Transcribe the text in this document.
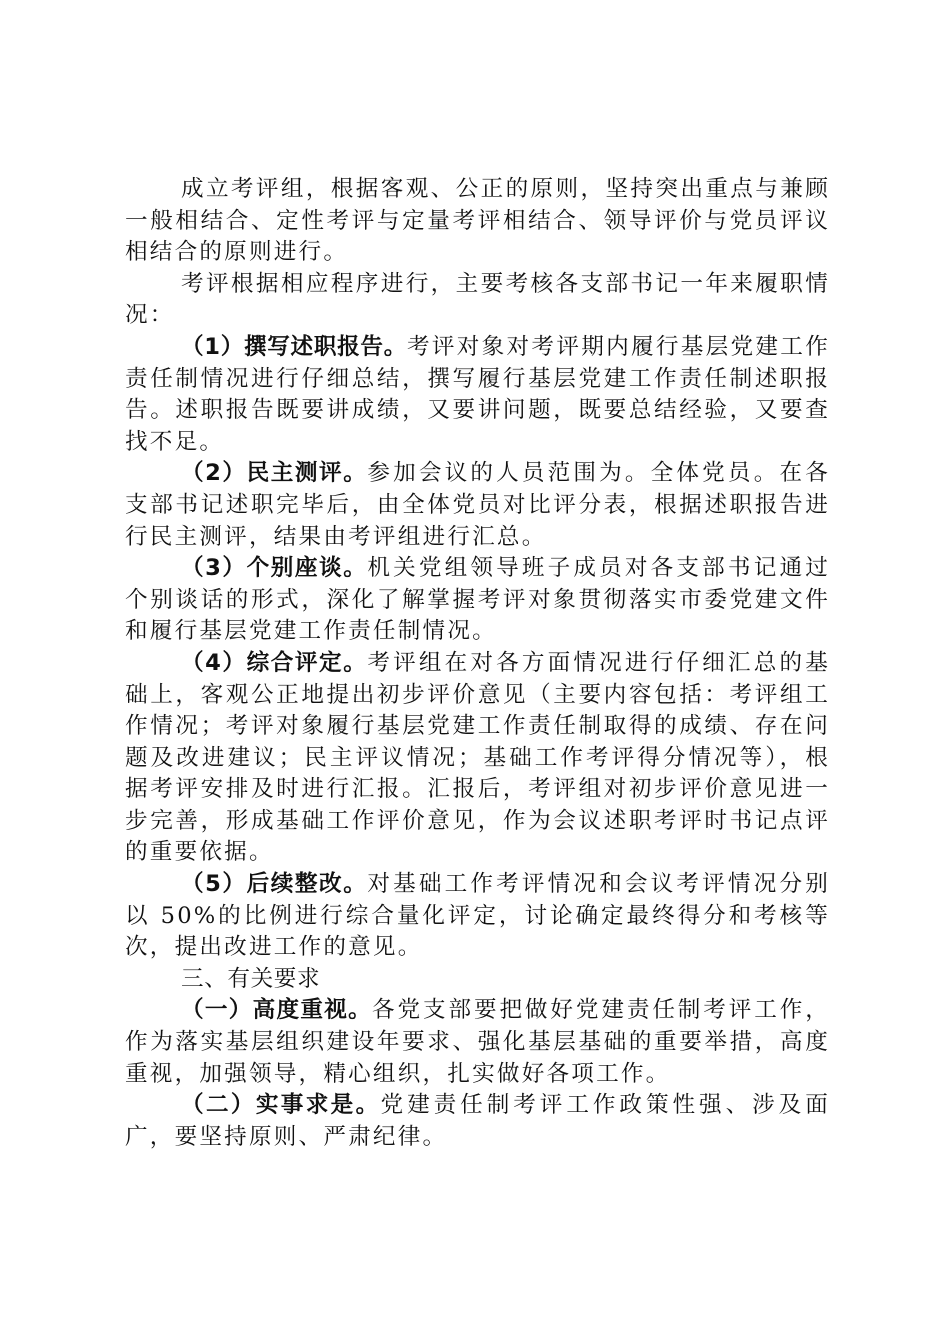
成立考评组，根据客观、公正的原则，坚持突出重点与兼顾一般相结合、定性考评与定量考评相结合、领导评价与党员评议相结合的原则进行。

考评根据相应程序进行，主要考核各支部书记一年来履职情况：

（1）撰写述职报告。考评对象对考评期内履行基层党建工作责任制情况进行仔细总结，撰写履行基层党建工作责任制述职报告。述职报告既要讲成绩，又要讲问题，既要总结经验，又要查找不足。

（2）民主测评。参加会议的人员范围为。全体党员。在各支部书记述职完毕后，由全体党员对比评分表，根据述职报告进行民主测评，结果由考评组进行汇总。

（3）个别座谈。机关党组领导班子成员对各支部书记通过个别谈话的形式，深化了解掌握考评对象贯彻落实市委党建文件和履行基层党建工作责任制情况。

（4）综合评定。考评组在对各方面情况进行仔细汇总的基础上，客观公正地提出初步评价意见（主要内容包括：考评组工作情况；考评对象履行基层党建工作责任制取得的成绩、存在问题及改进建议；民主评议情况；基础工作考评得分情况等），根据考评安排及时进行汇报。汇报后，考评组对初步评价意见进一步完善，形成基础工作评价意见，作为会议述职考评时书记点评的重要依据。

（5）后续整改。对基础工作考评情况和会议考评情况分别以 50%的比例进行综合量化评定，讨论确定最终得分和考核等次，提出改进工作的意见。

三、有关要求

（一）高度重视。各党支部要把做好党建责任制考评工作，作为落实基层组织建设年要求、强化基层基础的重要举措，高度重视，加强领导，精心组织，扎实做好各项工作。

（二）实事求是。党建责任制考评工作政策性强、涉及面广，要坚持原则、严肃纪律。
